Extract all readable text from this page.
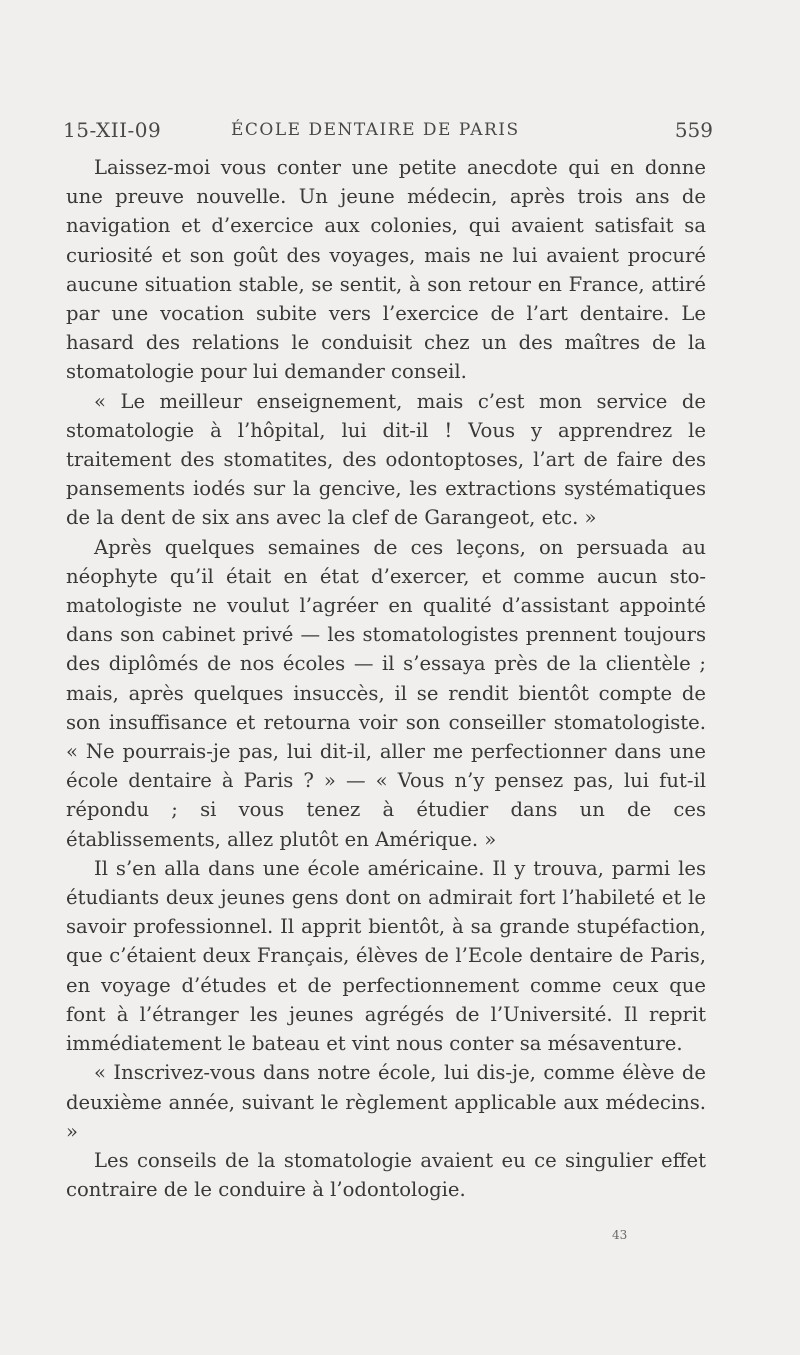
15-XII-09	ÉCOLE DENTAIRE DE PARIS	559

Laissez-moi vous conter une petite anecdote qui en donne une preuve nouvelle. Un jeune médecin, après trois ans de navigation et d’exercice aux colonies, qui avaient satisfait sa curiosité et son goût des voyages, mais ne lui avaient procuré aucune situation stable, se sentit, à son retour en France, attiré par une vocation subite vers l’exercice de l’art dentaire. Le hasard des relations le conduisit chez un des maîtres de la stomatologie pour lui demander conseil.

« Le meilleur enseignement, mais c’est mon service de stomatologie à l’hôpital, lui dit-il ! Vous y apprendrez le traitement des stomatites, des odontoptoses, l’art de faire des pansements iodés sur la gencive, les extractions systématiques de la dent de six ans avec la clef de Garangeot, etc. »

Après quelques semaines de ces leçons, on persuada au néophyte qu’il était en état d’exercer, et comme aucun stomatologiste ne voulut l’agréer en qualité d’assistant appointé dans son cabinet privé — les stomatologistes prennent toujours des diplômés de nos écoles — il s’essaya près de la clientèle ; mais, après quelques insuccès, il se rendit bientôt compte de son insuffisance et retourna voir son conseiller stomatologiste. « Ne pourrais-je pas, lui dit-il, aller me perfectionner dans une école dentaire à Paris ? » — « Vous n’y pensez pas, lui fut-il répondu ; si vous tenez à étudier dans un de ces établissements, allez plutôt en Amérique. »

Il s’en alla dans une école américaine. Il y trouva, parmi les étudiants deux jeunes gens dont on admirait fort l’habileté et le savoir professionnel. Il apprit bientôt, à sa grande stupéfaction, que c’étaient deux Français, élèves de l’Ecole dentaire de Paris, en voyage d’études et de perfectionnement comme ceux que font à l’étranger les jeunes agrégés de l’Université. Il reprit immédiatement le bateau et vint nous conter sa mésaventure.

« Inscrivez-vous dans notre école, lui dis-je, comme élève de deuxième année, suivant le règlement applicable aux médecins. »

Les conseils de la stomatologie avaient eu ce singulier effet contraire de le conduire à l’odontologie.

43
